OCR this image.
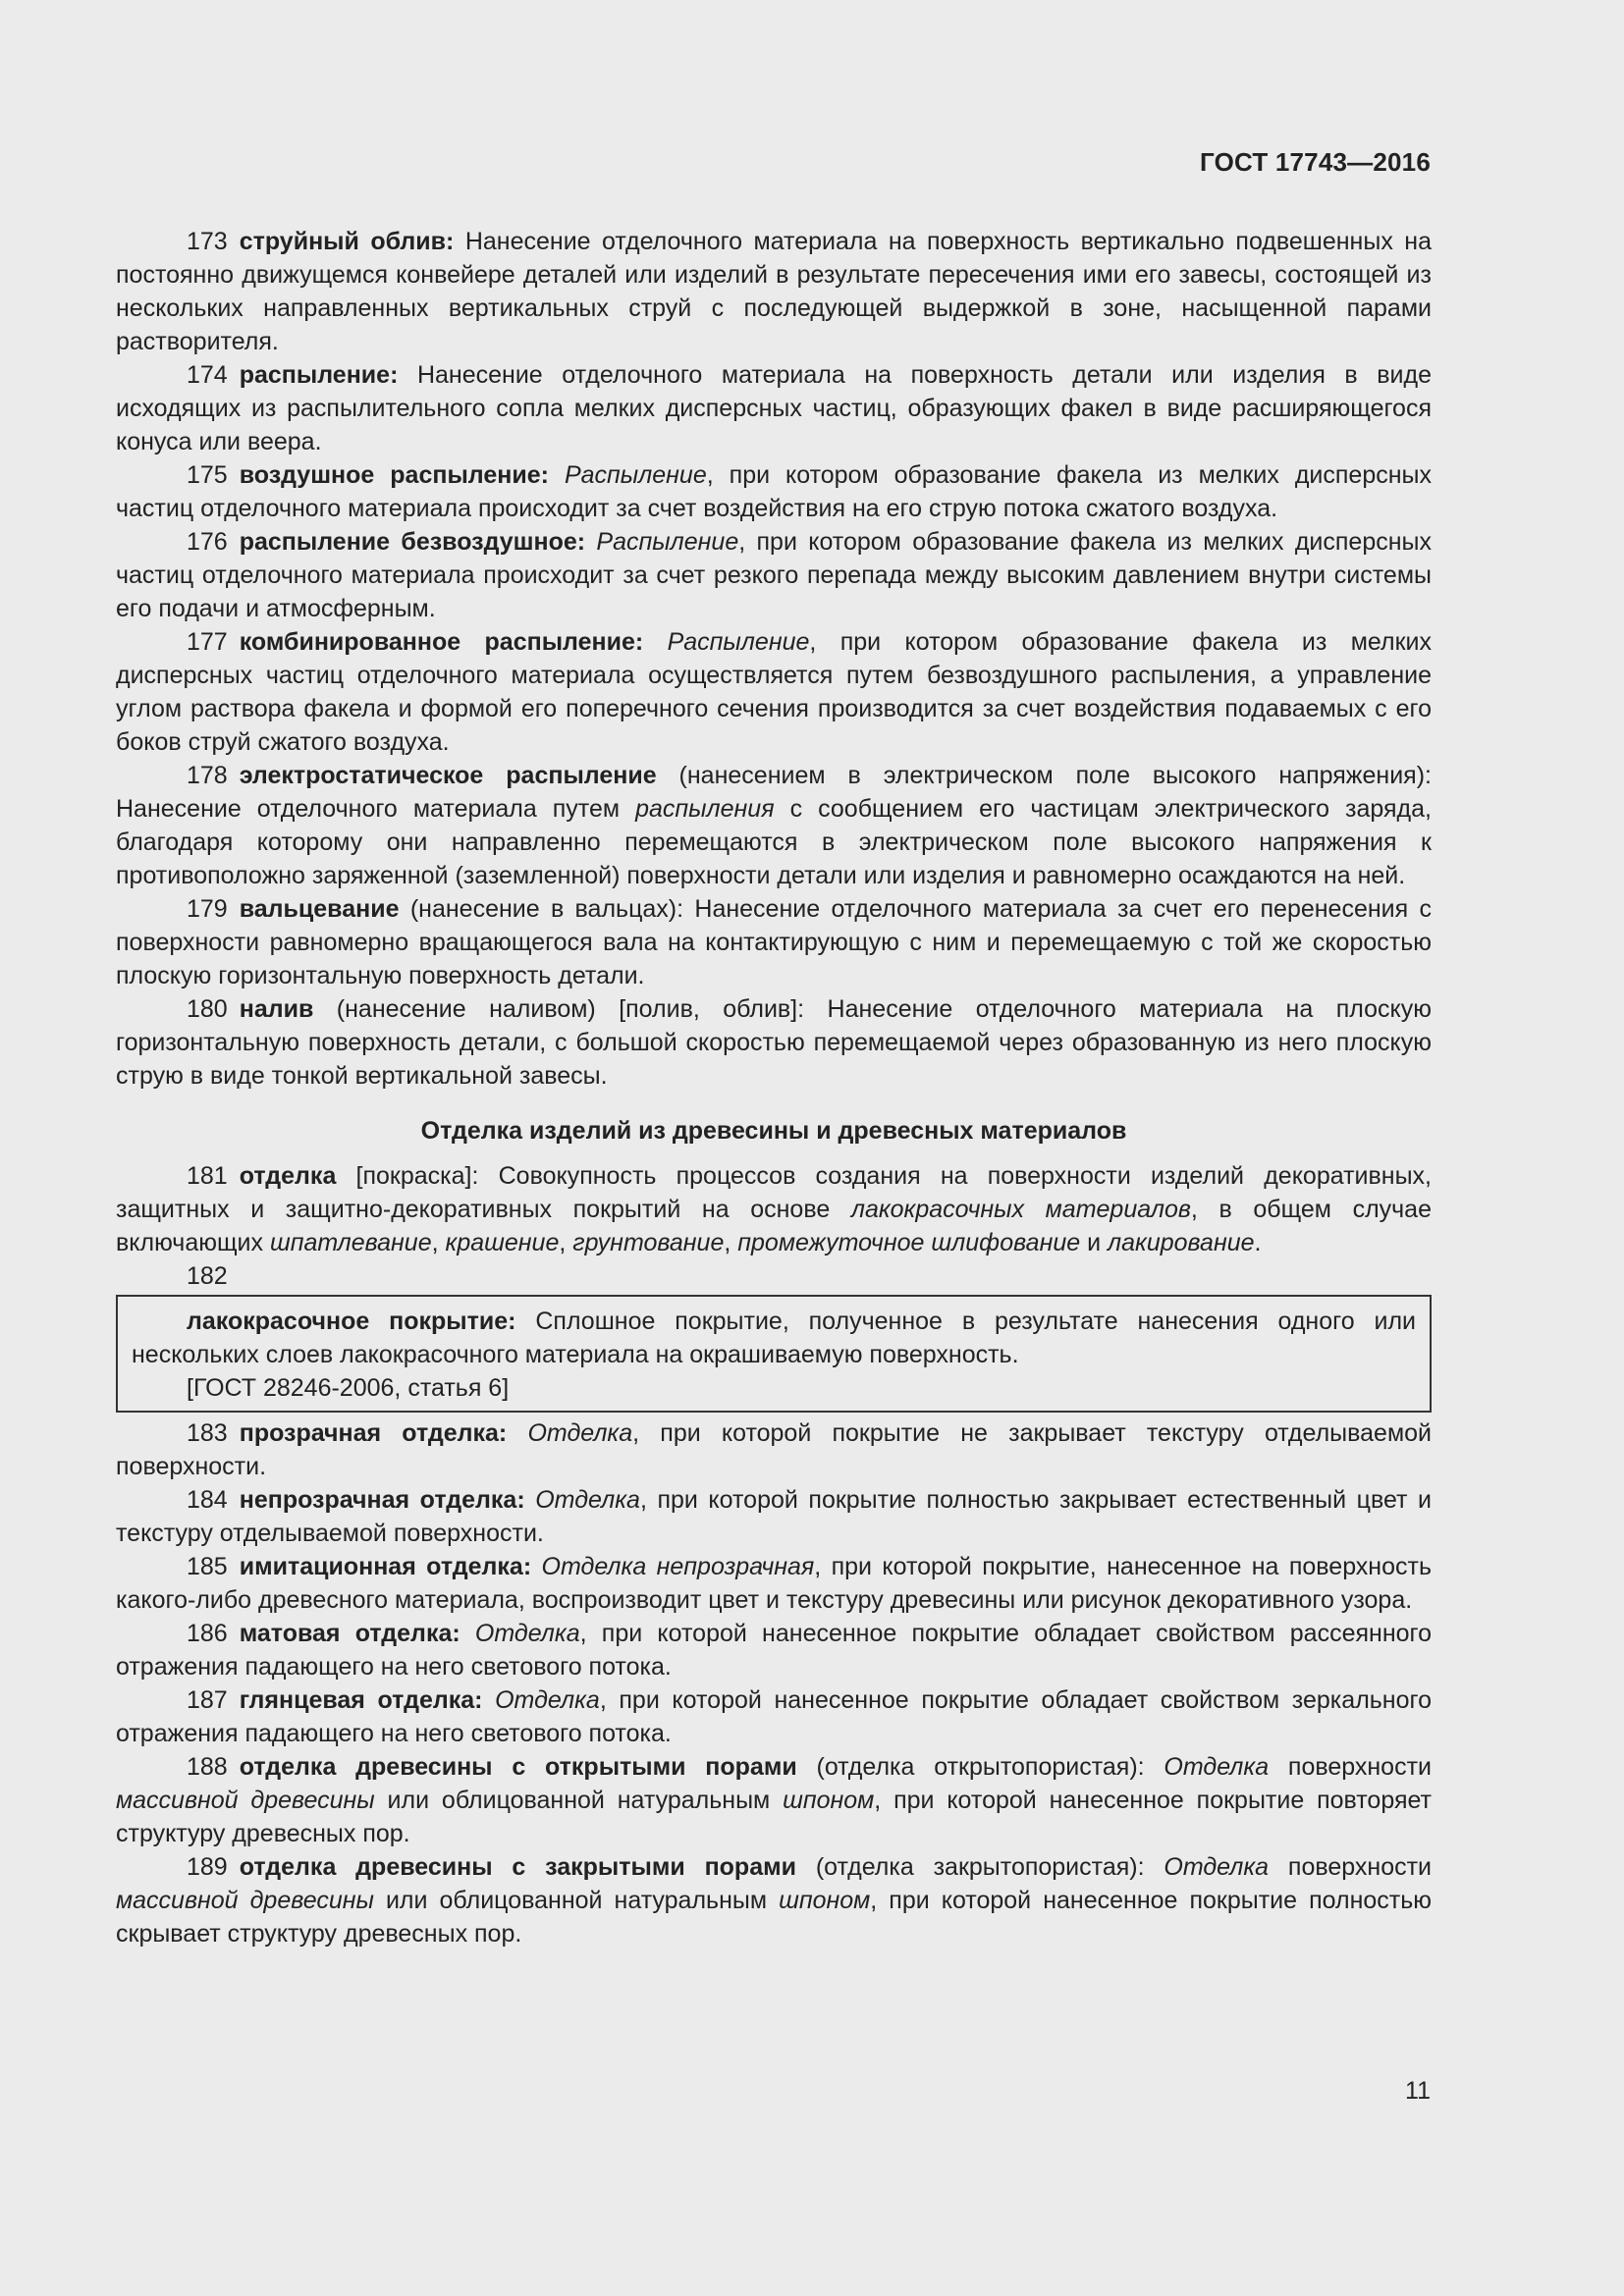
ГОСТ 17743—2016

173 струйный облив: Нанесение отделочного материала на поверхность вертикально подвешенных на постоянно движущемся конвейере деталей или изделий в результате пересечения ими его завесы, состоящей из нескольких направленных вертикальных струй с последующей выдержкой в зоне, насыщенной парами растворителя.

174 распыление: Нанесение отделочного материала на поверхность детали или изделия в виде исходящих из распылительного сопла мелких дисперсных частиц, образующих факел в виде расширяющегося конуса или веера.

175 воздушное распыление: Распыление, при котором образование факела из мелких дисперсных частиц отделочного материала происходит за счет воздействия на его струю потока сжатого воздуха.

176 распыление безвоздушное: Распыление, при котором образование факела из мелких дисперсных частиц отделочного материала происходит за счет резкого перепада между высоким давлением внутри системы его подачи и атмосферным.

177 комбинированное распыление: Распыление, при котором образование факела из мелких дисперсных частиц отделочного материала осуществляется путем безвоздушного распыления, а управление углом раствора факела и формой его поперечного сечения производится за счет воздействия подаваемых с его боков струй сжатого воздуха.

178 электростатическое распыление (нанесением в электрическом поле высокого напряжения): Нанесение отделочного материала путем распыления с сообщением его частицам электрического заряда, благодаря которому они направленно перемещаются в электрическом поле высокого напряжения к противоположно заряженной (заземленной) поверхности детали или изделия и равномерно осаждаются на ней.

179 вальцевание (нанесение в вальцах): Нанесение отделочного материала за счет его перенесения с поверхности равномерно вращающегося вала на контактирующую с ним и перемещаемую с той же скоростью плоскую горизонтальную поверхность детали.

180 налив (нанесение наливом) [полив, облив]: Нанесение отделочного материала на плоскую горизонтальную поверхность детали, с большой скоростью перемещаемой через образованную из него плоскую струю в виде тонкой вертикальной завесы.

Отделка изделий из древесины и древесных материалов

181 отделка [покраска]: Совокупность процессов создания на поверхности изделий декоративных, защитных и защитно-декоративных покрытий на основе лакокрасочных материалов, в общем случае включающих шпатлевание, крашение, грунтование, промежуточное шлифование и лакирование.

182

лакокрасочное покрытие: Сплошное покрытие, полученное в результате нанесения одного или нескольких слоев лакокрасочного материала на окрашиваемую поверхность.

[ГОСТ 28246-2006, статья 6]

183 прозрачная отделка: Отделка, при которой покрытие не закрывает текстуру отделываемой поверхности.

184 непрозрачная отделка: Отделка, при которой покрытие полностью закрывает естественный цвет и текстуру отделываемой поверхности.

185 имитационная отделка: Отделка непрозрачная, при которой покрытие, нанесенное на поверхность какого-либо древесного материала, воспроизводит цвет и текстуру древесины или рисунок декоративного узора.

186 матовая отделка: Отделка, при которой нанесенное покрытие обладает свойством рассеянного отражения падающего на него светового потока.

187 глянцевая отделка: Отделка, при которой нанесенное покрытие обладает свойством зеркального отражения падающего на него светового потока.

188 отделка древесины с открытыми порами (отделка открытопористая): Отделка поверхности массивной древесины или облицованной натуральным шпоном, при которой нанесенное покрытие повторяет структуру древесных пор.

189 отделка древесины с закрытыми порами (отделка закрытопористая): Отделка поверхности массивной древесины или облицованной натуральным шпоном, при которой нанесенное покрытие полностью скрывает структуру древесных пор.

11
